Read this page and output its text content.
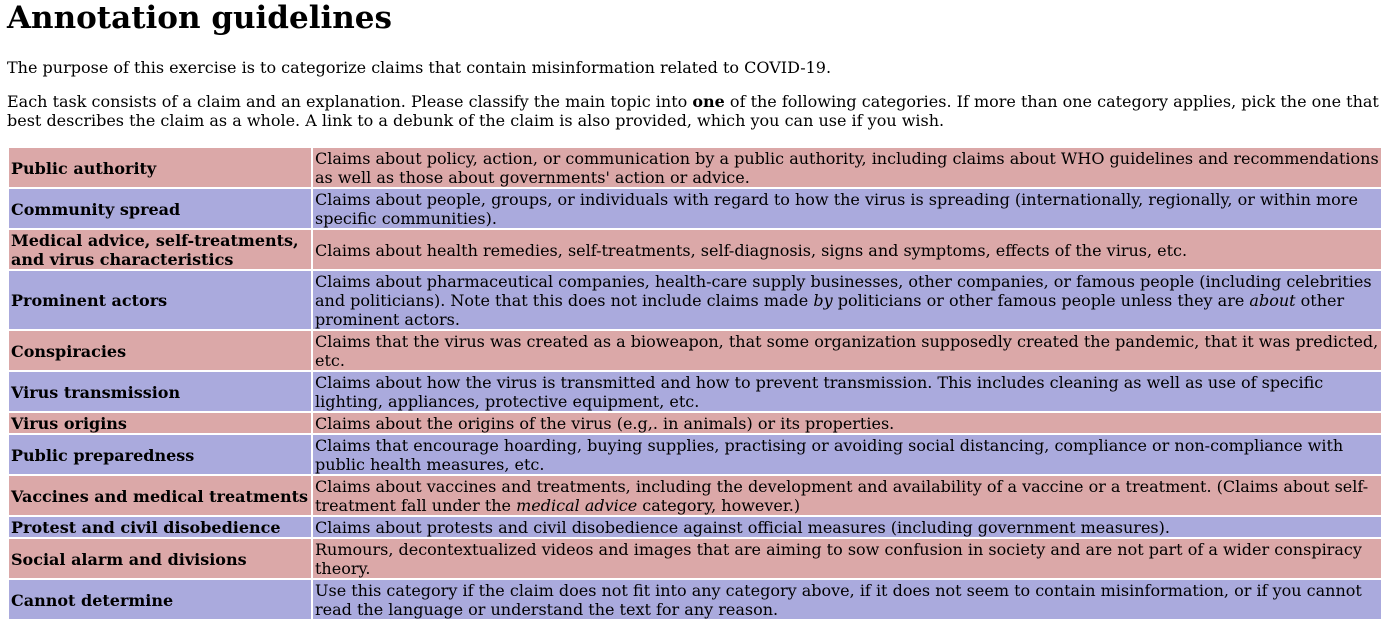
Annotation guidelines

The purpose of this exercise is to categorize claims that contain misinformation related to COVID-19.

Each task consists of a claim and an explanation. Please classify the main topic into one of the following categories. If more than one category applies, pick the one that best describes the claim as a whole. A link to a debunk of the claim is also provided, which you can use if you wish.

Public authority	Claims about policy, action, or communication by a public authority, including claims about WHO guidelines and recommendations as well as those about governments' action or advice.
Community spread	Claims about people, groups, or individuals with regard to how the virus is spreading (internationally, regionally, or within more specific communities).
Medical advice, self-treatments, and virus characteristics	Claims about health remedies, self-treatments, self-diagnosis, signs and symptoms, effects of the virus, etc.
Prominent actors	Claims about pharmaceutical companies, health-care supply businesses, other companies, or famous people (including celebrities and politicians). Note that this does not include claims made by politicians or other famous people unless they are about other prominent actors.
Conspiracies	Claims that the virus was created as a bioweapon, that some organization supposedly created the pandemic, that it was predicted, etc.
Virus transmission	Claims about how the virus is transmitted and how to prevent transmission. This includes cleaning as well as use of specific lighting, appliances, protective equipment, etc.
Virus origins	Claims about the origins of the virus (e.g,. in animals) or its properties.
Public preparedness	Claims that encourage hoarding, buying supplies, practising or avoiding social distancing, compliance or non-compliance with public health measures, etc.
Vaccines and medical treatments	Claims about vaccines and treatments, including the development and availability of a vaccine or a treatment. (Claims about self-treatment fall under the medical advice category, however.)
Protest and civil disobedience	Claims about protests and civil disobedience against official measures (including government measures).
Social alarm and divisions	Rumours, decontextualized videos and images that are aiming to sow confusion in society and are not part of a wider conspiracy theory.
Cannot determine	Use this category if the claim does not fit into any category above, if it does not seem to contain misinformation, or if you cannot read the language or understand the text for any reason.
